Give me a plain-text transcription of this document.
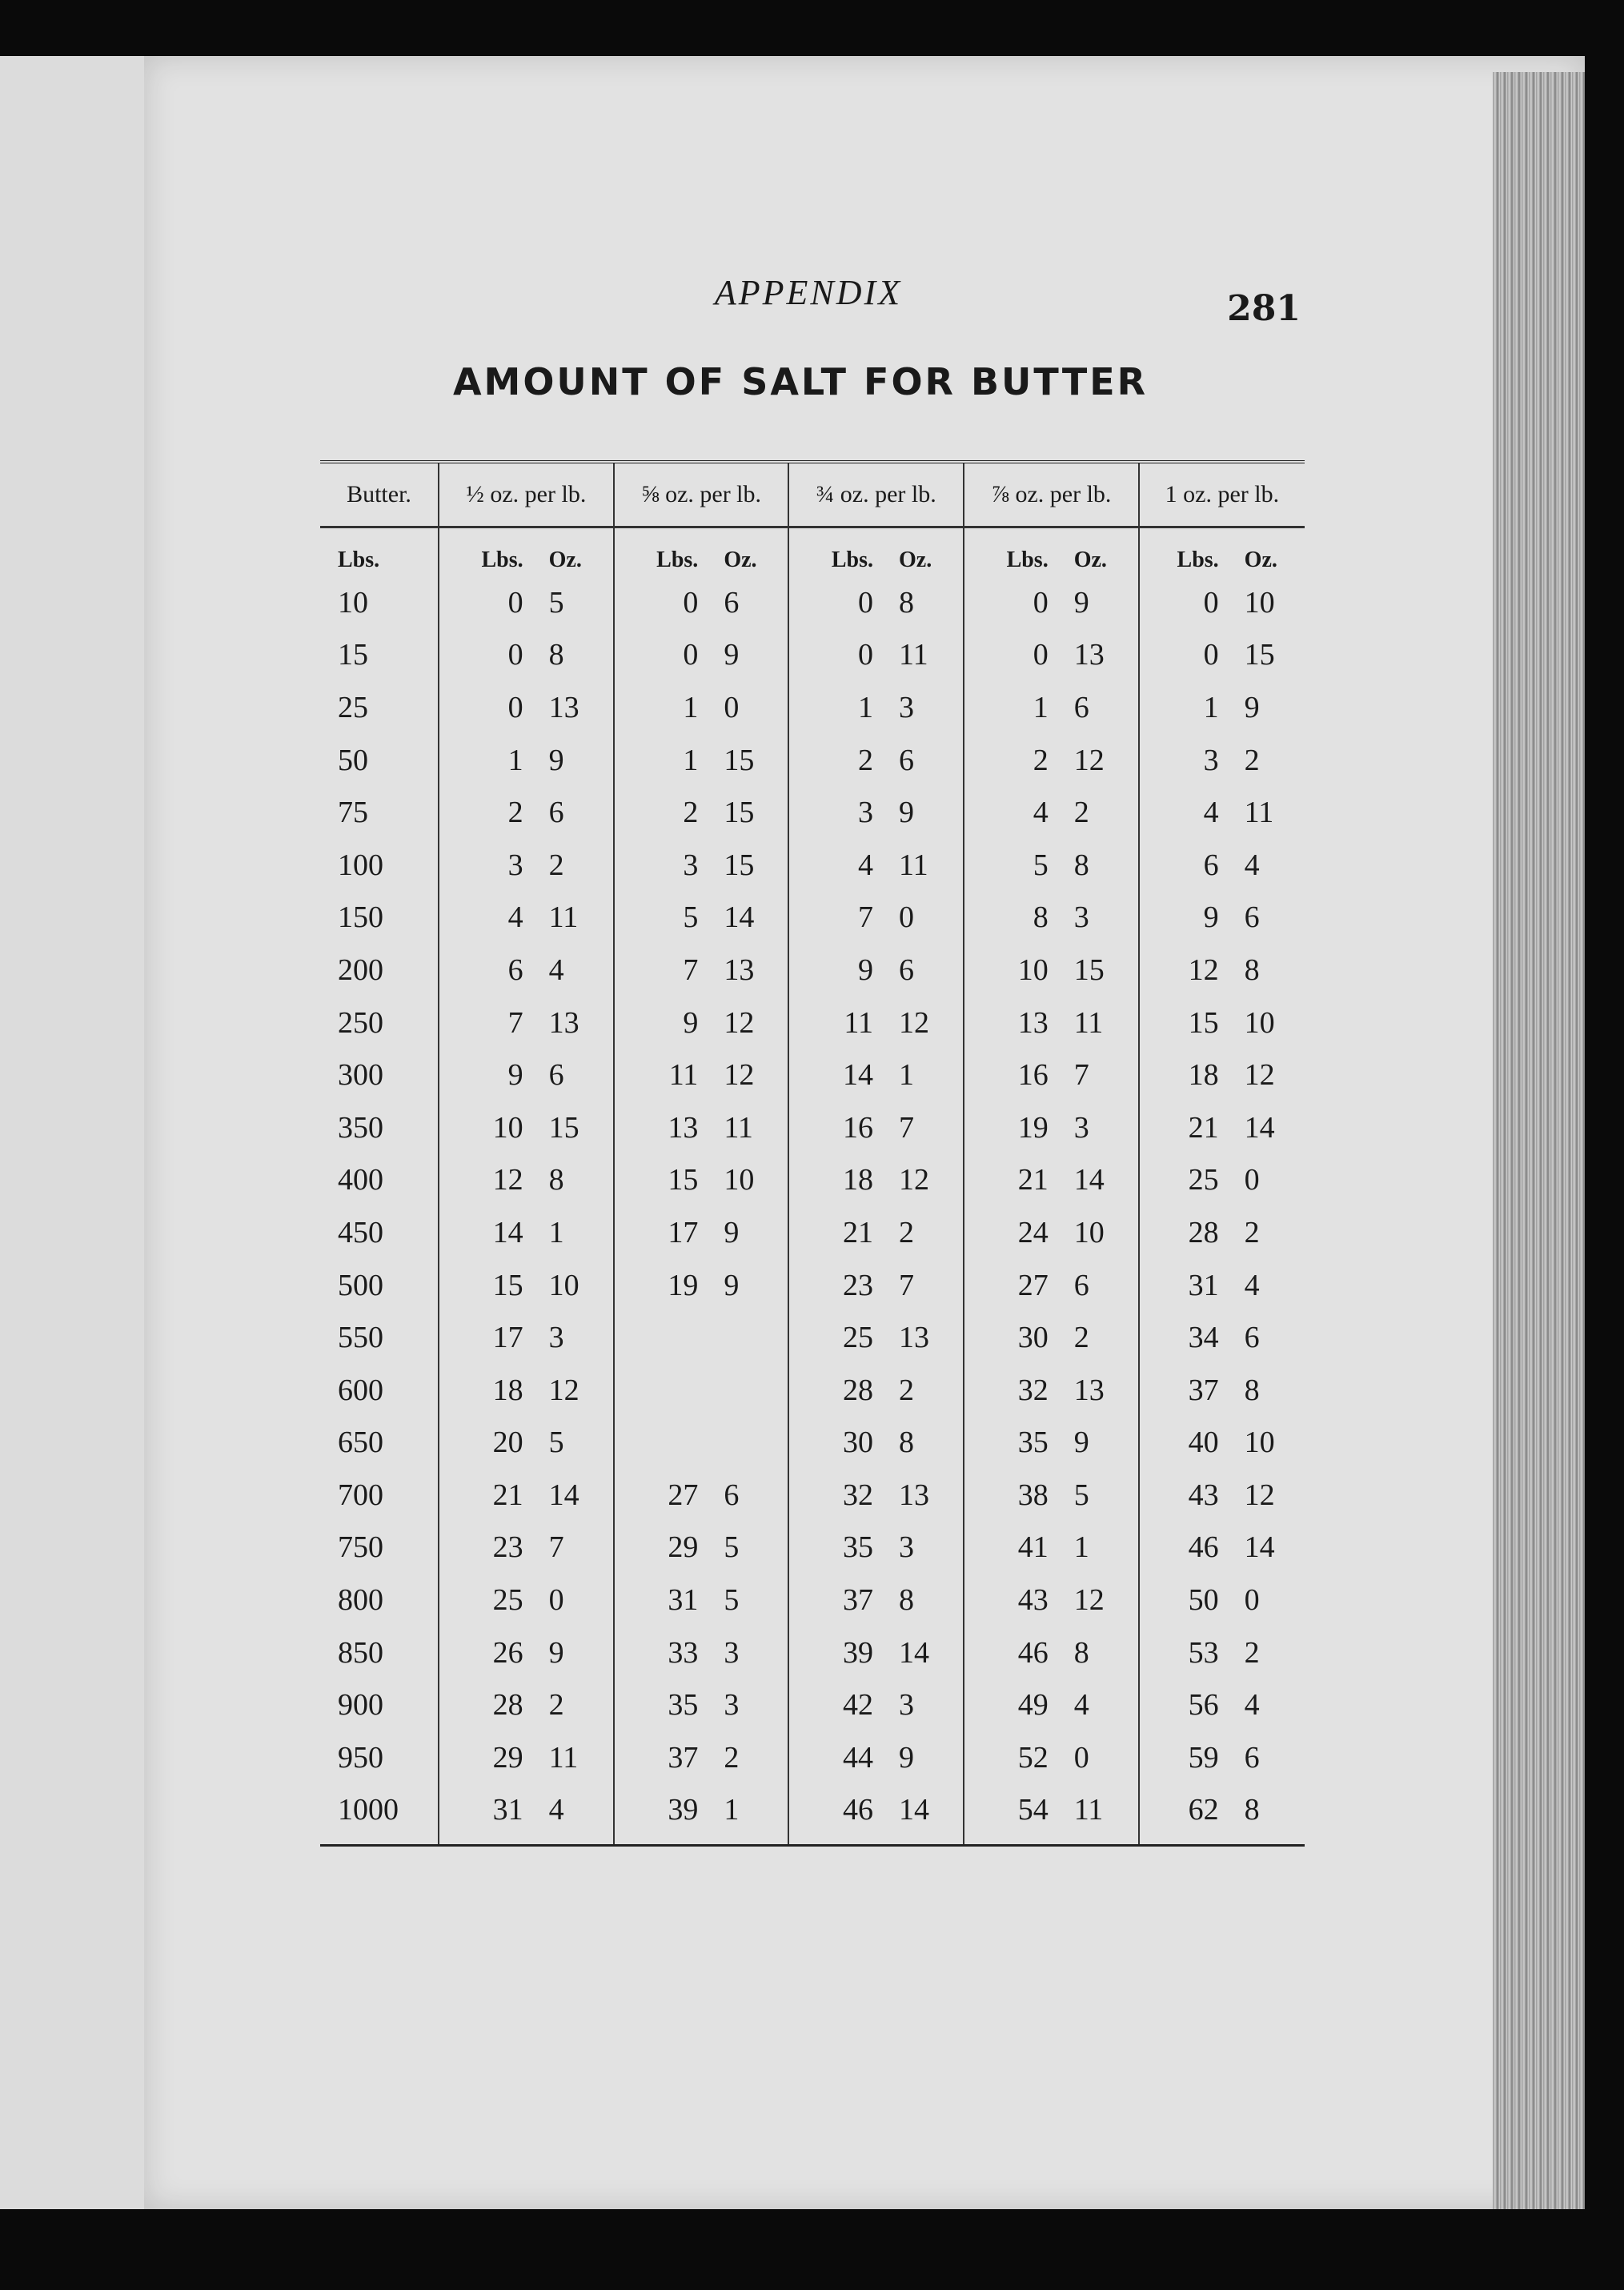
APPENDIX	281
AMOUNT OF SALT FOR BUTTER
Butter.	½ oz. per lb.		⅝ oz. per lb.		¾ oz. per lb.		⅞ oz. per lb.		1 oz. per lb.	
Lbs.	Lbs.	Oz.	Lbs.	Oz.	Lbs.	Oz.	Lbs.	Oz.	Lbs.	Oz.
10	0	5	0	6	0	8	0	9	0	10
15	0	8	0	9	0	11	0	13	0	15
25	0	13	1	0	1	3	1	6	1	9
50	1	9	1	15	2	6	2	12	3	2
75	2	6	2	15	3	9	4	2	4	11
100	3	2	3	15	4	11	5	8	6	4
150	4	11	5	14	7	0	8	3	9	6
200	6	4	7	13	9	6	10	15	12	8
250	7	13	9	12	11	12	13	11	15	10
300	9	6	11	12	14	1	16	7	18	12
350	10	15	13	11	16	7	19	3	21	14
400	12	8	15	10	18	12	21	14	25	0
450	14	1	17	9	21	2	24	10	28	2
500	15	10	19	9	23	7	27	6	31	4
550	17	3			25	13	30	2	34	6
600	18	12			28	2	32	13	37	8
650	20	5			30	8	35	9	40	10
700	21	14	27	6	32	13	38	5	43	12
750	23	7	29	5	35	3	41	1	46	14
800	25	0	31	5	37	8	43	12	50	0
850	26	9	33	3	39	14	46	8	53	2
900	28	2	35	3	42	3	49	4	56	4
950	29	11	37	2	44	9	52	0	59	6
1000	31	4	39	1	46	14	54	11	62	8
